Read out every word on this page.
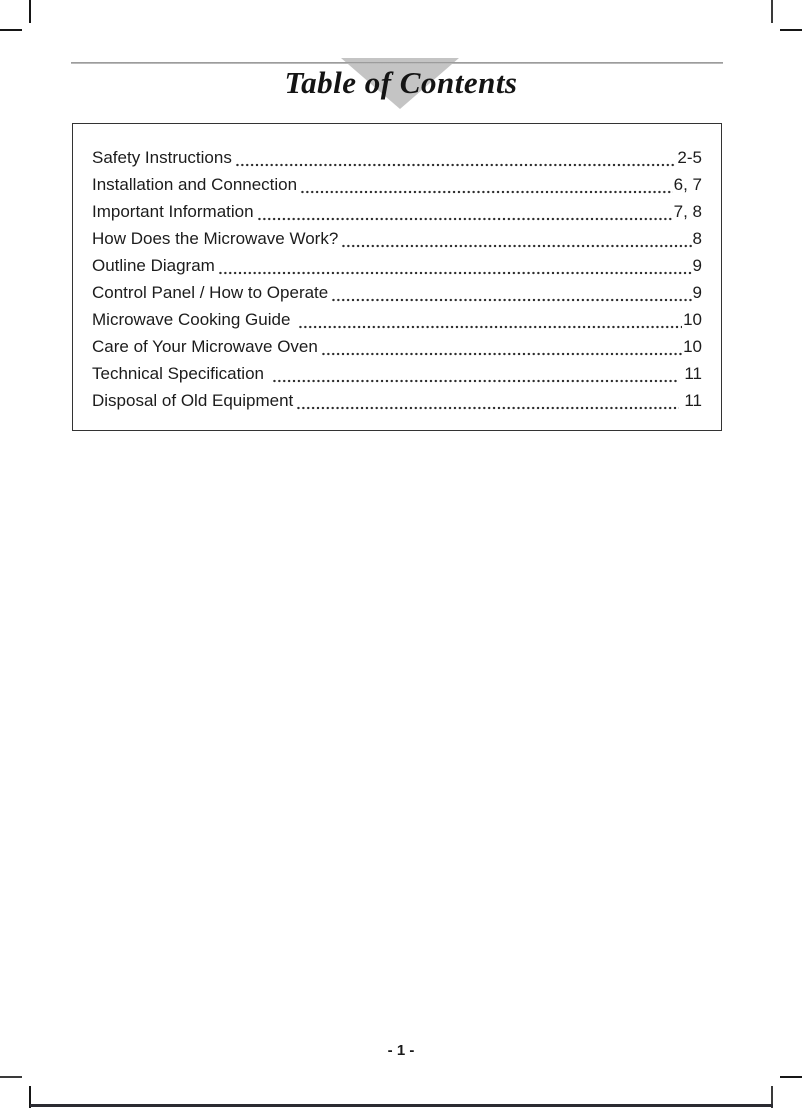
Table of Contents
Safety Instructions	2-5
Installation and Connection	6, 7
Important Information	7, 8
How Does the Microwave Work?	8
Outline Diagram	9
Control Panel / How to Operate	9
Microwave Cooking Guide	10
Care of Your Microwave Oven	10
Technical Specification	11
Disposal of Old Equipment	11
- 1 -
